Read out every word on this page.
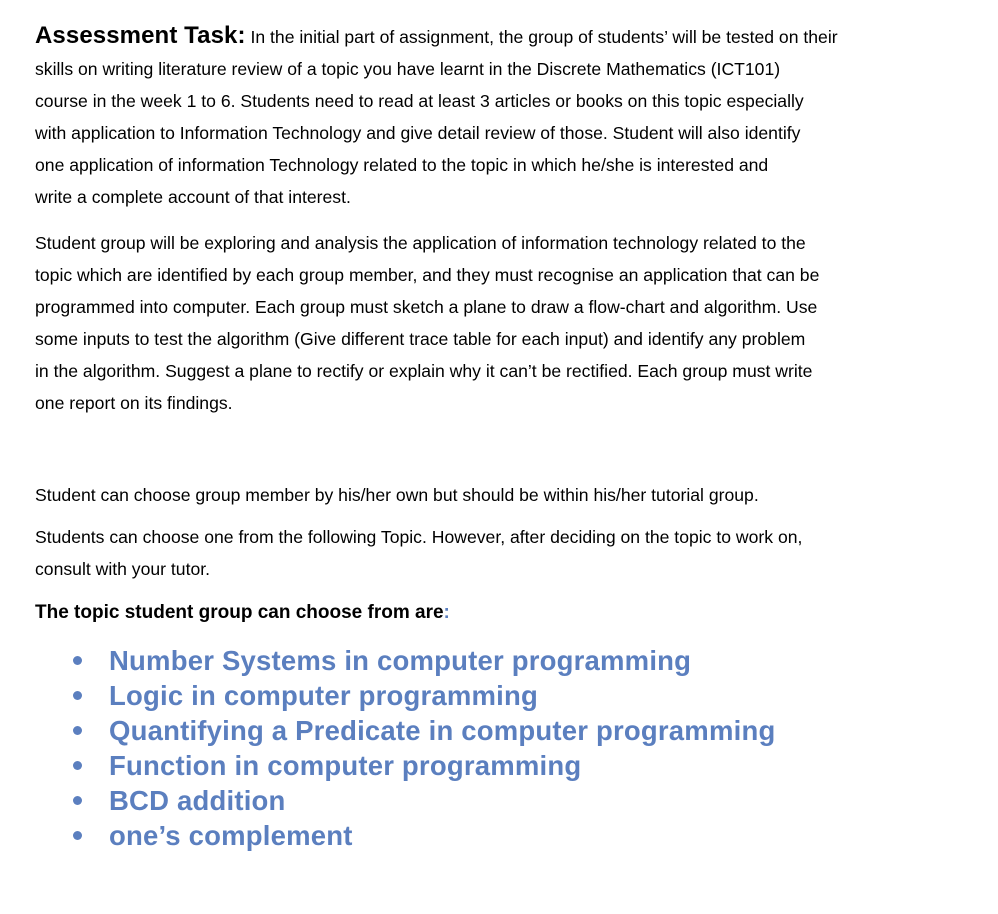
Assessment Task: In the initial part of assignment, the group of students’ will be tested on their

skills on writing literature review of a topic you have learnt in the Discrete Mathematics (ICT101)

course in the week 1 to 6. Students need to read at least 3 articles or books on this topic especially

with application to Information Technology and give detail review of those. Student will also identify

one application of information Technology related to the topic in which he/she is interested and

write a complete account of that interest.

Student group will be exploring and analysis the application of information technology related to the

topic which are identified by each group member, and they must recognise an application that can be

programmed into computer. Each group must sketch a plane to draw a flow-chart and algorithm. Use

some inputs to test the algorithm (Give different trace table for each input) and identify any problem

in the algorithm. Suggest a plane to rectify or explain why it can’t be rectified. Each group must write

one report on its findings.

Student can choose group member by his/her own but should be within his/her tutorial group.

Students can choose one from the following Topic. However, after deciding on the topic to work on,

consult with your tutor.

The topic student group can choose from are:

Number Systems in computer programming
Logic in computer programming
Quantifying a Predicate in computer programming
Function in computer programming
BCD addition
one’s complement
